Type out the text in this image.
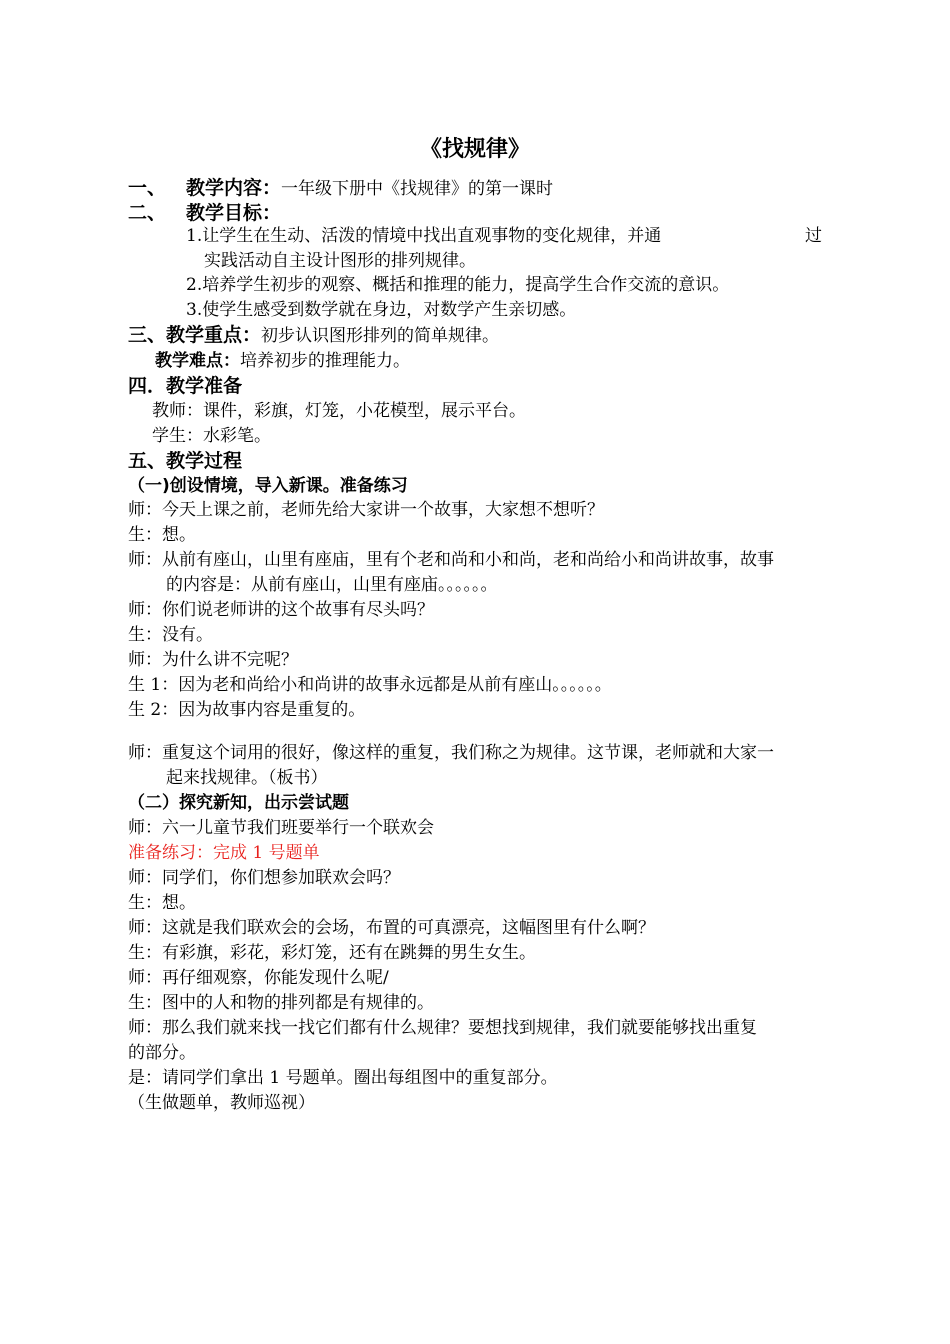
《找规律》
一、 教学内容：一年级下册中《找规律》的第一课时
二、 教学目标：
1.让学生在生动、活泼的情境中找出直观事物的变化规律，并通	过
实践活动自主设计图形的排列规律。
2.培养学生初步的观察、概括和推理的能力，提高学生合作交流的意识。
3.使学生感受到数学就在身边，对数学产生亲切感。
三、教学重点：初步认识图形排列的简单规律。
教学难点：培养初步的推理能力。
四．教学准备
教师：课件，彩旗，灯笼，小花模型，展示平台。
学生：水彩笔。
五、教学过程
（一)创设情境，导入新课。准备练习
师：今天上课之前，老师先给大家讲一个故事，大家想不想听？
生：想。
师：从前有座山，山里有座庙，里有个老和尚和小和尚，老和尚给小和尚讲故事，故事
的内容是：从前有座山，山里有座庙。。。。。。
师：你们说老师讲的这个故事有尽头吗？
生：没有。
师：为什么讲不完呢？
生 1：因为老和尚给小和尚讲的故事永远都是从前有座山。。。。。。
生 2：因为故事内容是重复的。
师：重复这个词用的很好，像这样的重复，我们称之为规律。这节课，老师就和大家一
起来找规律。（板书）
（二）探究新知，出示尝试题
师：六一儿童节我们班要举行一个联欢会
准备练习：完成 1 号题单
师：同学们，你们想参加联欢会吗？
生：想。
师：这就是我们联欢会的会场，布置的可真漂亮，这幅图里有什么啊？
生：有彩旗，彩花，彩灯笼，还有在跳舞的男生女生。
师：再仔细观察，你能发现什么呢/
生：图中的人和物的排列都是有规律的。
师：那么我们就来找一找它们都有什么规律？要想找到规律，我们就要能够找出重复
的部分。
是：请同学们拿出 1 号题单。圈出每组图中的重复部分。
（生做题单，教师巡视）
